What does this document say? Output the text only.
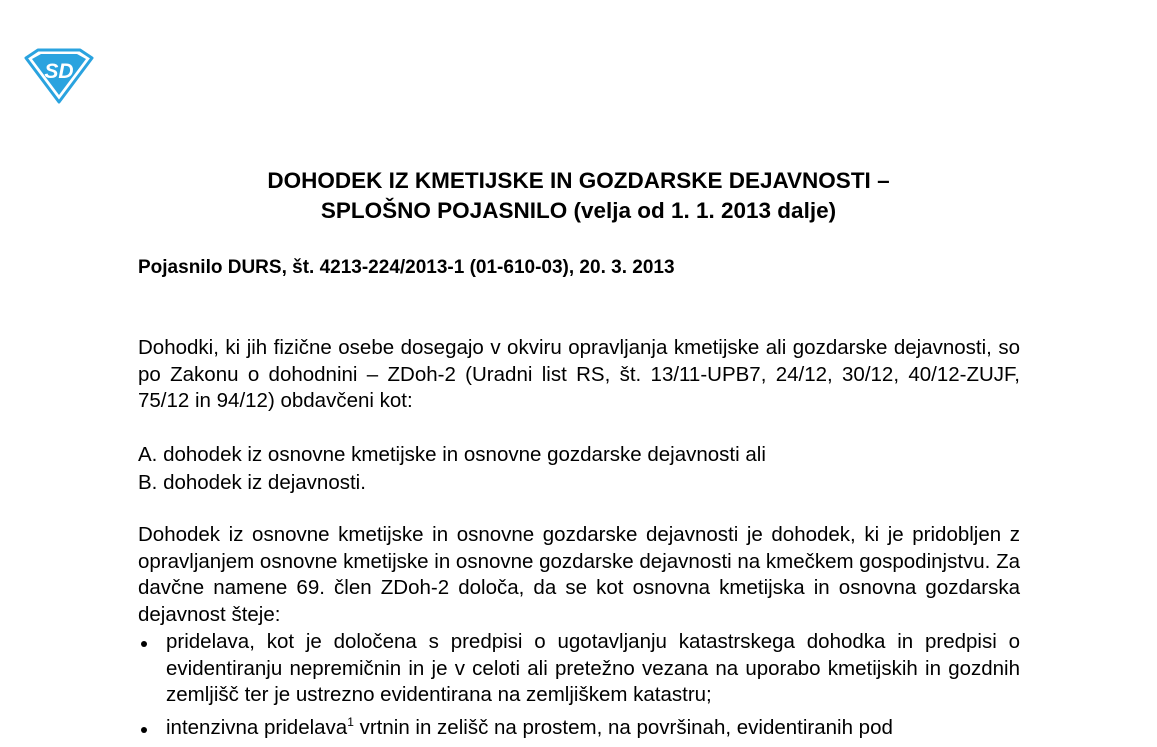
SD
DOHODEK IZ KMETIJSKE IN GOZDARSKE DEJAVNOSTI –
SPLOŠNO POJASNILO (velja od 1. 1. 2013 dalje)
Pojasnilo DURS, št. 4213-224/2013-1 (01-610-03), 20. 3. 2013
Dohodki, ki jih fizične osebe dosegajo v okviru opravljanja kmetijske ali gozdarske dejavnosti, so po Zakonu o dohodnini – ZDoh-2 (Uradni list RS, št. 13/11-UPB7, 24/12, 30/12, 40/12-ZUJF, 75/12 in 94/12) obdavčeni kot:
A. dohodek iz osnovne kmetijske in osnovne gozdarske dejavnosti ali
B. dohodek iz dejavnosti.
Dohodek iz osnovne kmetijske in osnovne gozdarske dejavnosti je dohodek, ki je pridobljen z opravljanjem osnovne kmetijske in osnovne gozdarske dejavnosti na kmečkem gospodinjstvu. Za davčne namene 69. člen ZDoh-2 določa, da se kot osnovna kmetijska in osnovna gozdarska dejavnost šteje:
pridelava, kot je določena s predpisi o ugotavljanju katastrskega dohodka in predpisi o evidentiranju nepremičnin in je v celoti ali pretežno vezana na uporabo kmetijskih in gozdnih zemljišč ter je ustrezno evidentirana na zemljiškem katastru;
intenzivna pridelava$^1$ vrtnin in zelišč na prostem, na površinah, evidentiranih pod
